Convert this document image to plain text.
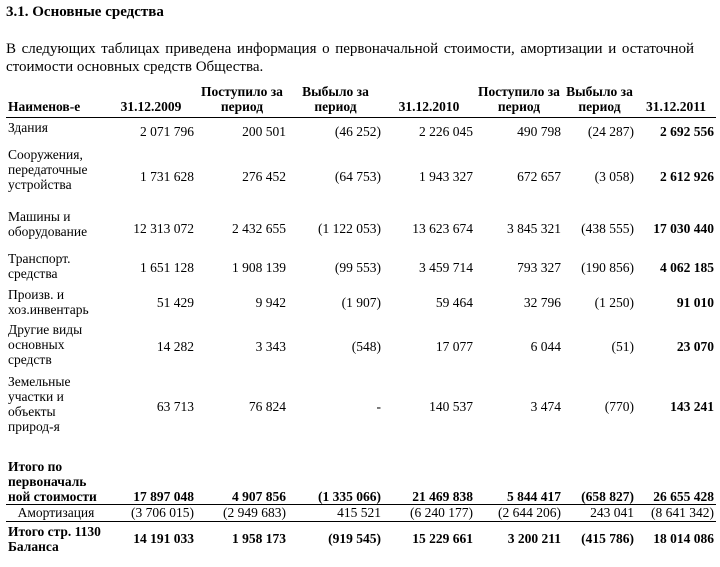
3.1. Основные средства
В следующих таблицах приведена информация о первоначальной стоимости, амортизации и остаточной стоимости основных средств Общества.
Наименов-е	31.12.2009	Поступило за период	Выбыло за период	31.12.2010	Поступило за период	Выбыло за период	31.12.2011
Здания	2 071 796	200 501	(46 252)	2 226 045	490 798	(24 287)	2 692 556
Сооружения, передаточные устройства	1 731 628	276 452	(64 753)	1 943 327	672 657	(3 058)	2 612 926
Машины и оборудование	12 313 072	2 432 655	(1 122 053)	13 623 674	3 845 321	(438 555)	17 030 440
Транспорт. средства	1 651 128	1 908 139	(99 553)	3 459 714	793 327	(190 856)	4 062 185
Произв. и хоз.инвентарь	51 429	9 942	(1 907)	59 464	32 796	(1 250)	91 010
Другие виды основных средств	14 282	3 343	(548)	17 077	6 044	(51)	23 070
Земельные участки и объекты природ-я	63 713	76 824	-	140 537	3 474	(770)	143 241
Итого по первоначаль ной стоимости	17 897 048	4 907 856	(1 335 066)	21 469 838	5 844 417	(658 827)	26 655 428
Амортизация	(3 706 015)	(2 949 683)	415 521	(6 240 177)	(2 644 206)	243 041	(8 641 342)
Итого стр. 1130 Баланса	14 191 033	1 958 173	(919 545)	15 229 661	3 200 211	(415 786)	18 014 086
